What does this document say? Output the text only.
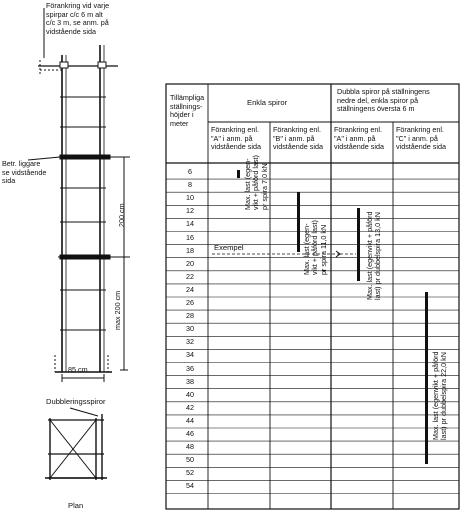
Förankring vid varje
spirpar c/c 6 m alt
c/c 3 m, se anm. på
vidstående sida
Betr. liggare
se vidstående
sida
200 cm
max 200 cm
85 cm
Dubbleringsspiror
Plan
Tillämpliga
ställnings-
höjder i
meter
Enkla spiror
Dubbla spiror på ställningens
nedre del, enkla spiror på
ställningens översta 6 m
Förankring enl.
"A" i anm. på
vidstående sida
Förankring enl.
"B" i anm. på
vidstående sida
Förankring enl.
"A" i anm. på
vidstående sida
Förankring enl.
"C" i anm. på
vidstående sida
Max. last (egen-
vikt + påförd last)
pr spira 7,0 kN
Max. last (egen-
vikt + påförd last)
pr spira 11,0 kN
Max. last (egenvikt + påförd
last) pr dubbelspira 13,0 kN
Max. last (egenvikt + påförd
last) pr dubbelspira 22,0 kN
Exempel
6
8
10
12
14
16
18
20
22
24
26
28
30
32
34
36
38
40
42
44
46
48
50
52
54
